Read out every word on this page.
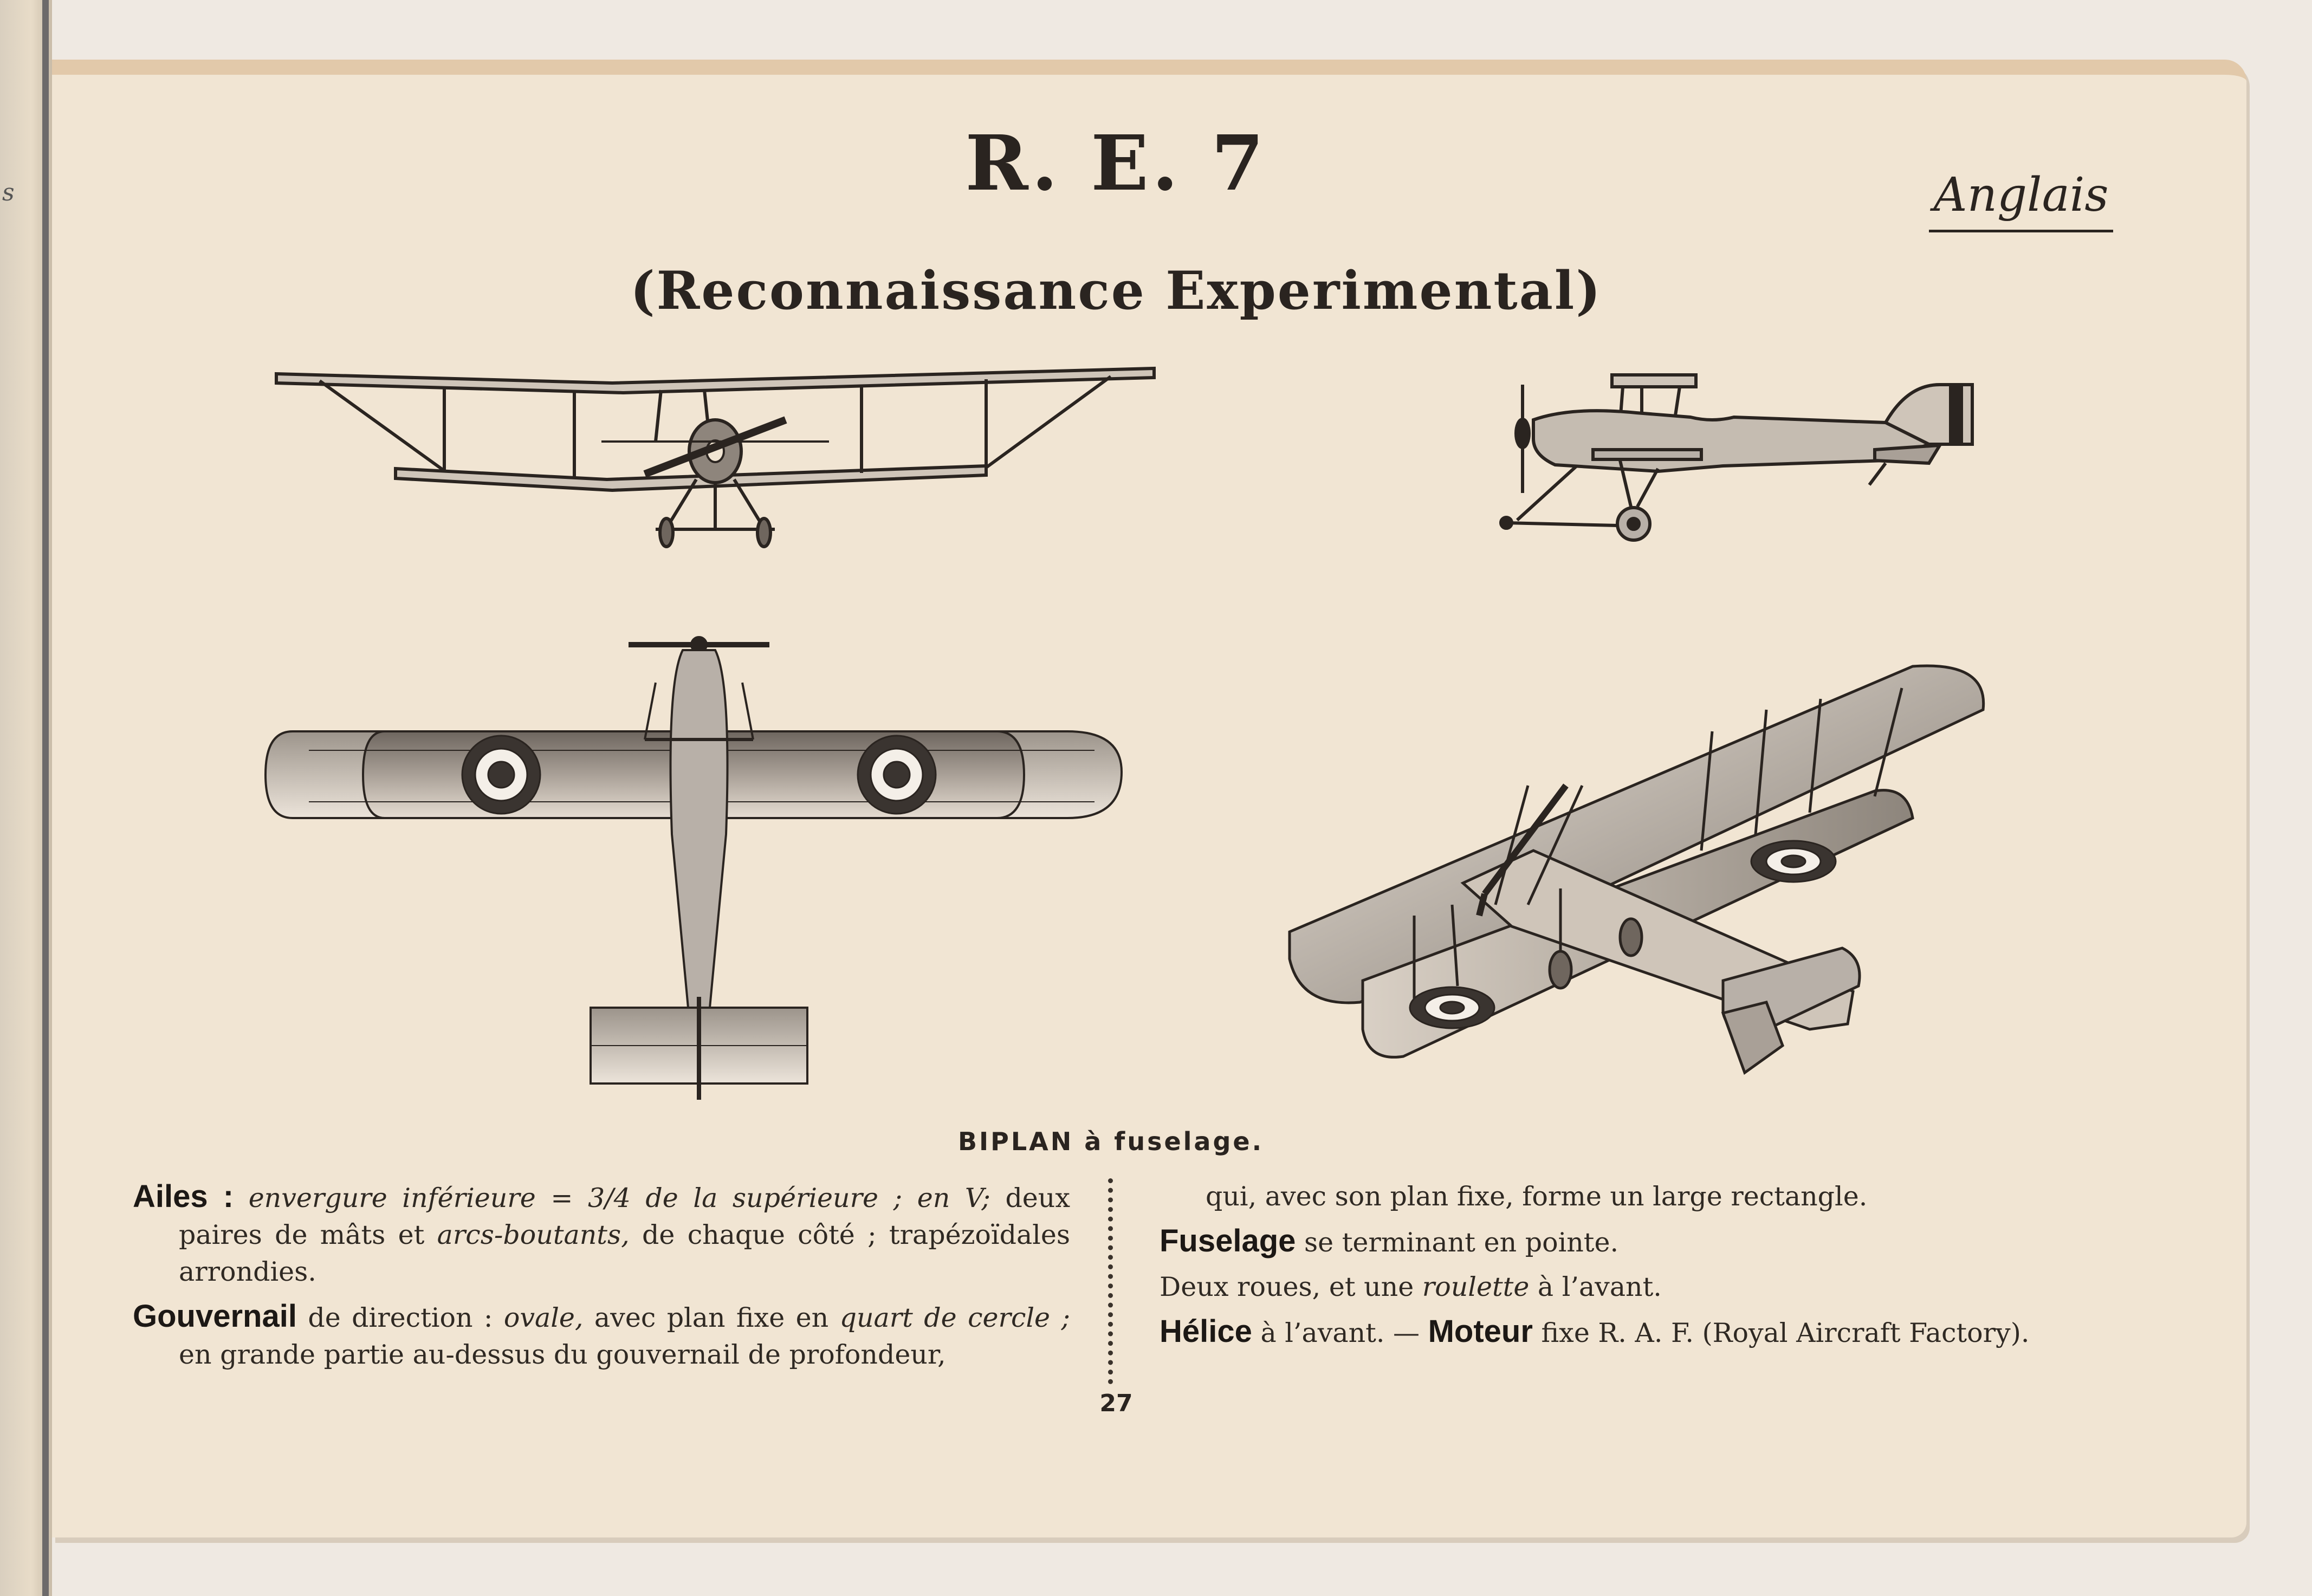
s	R. E. 7
(Reconnaissance Experimental)
Anglais
BIPLAN à fuselage.

Ailes : envergure inférieure = 3/4 de la supérieure ; en V; deux paires de mâts et arcs-boutants, de chaque côté ; trapézoïdales arrondies.

Gouvernail de direction : ovale, avec plan fixe en quart de cercle ; en grande partie au-dessus du gouvernail de profondeur,

qui, avec son plan fixe, forme un large rectangle.

Fuselage se terminant en pointe.

Deux roues, et une roulette à l’avant.

Hélice à l’avant. — Moteur fixe R. A. F. (Royal Aircraft Factory).

27
